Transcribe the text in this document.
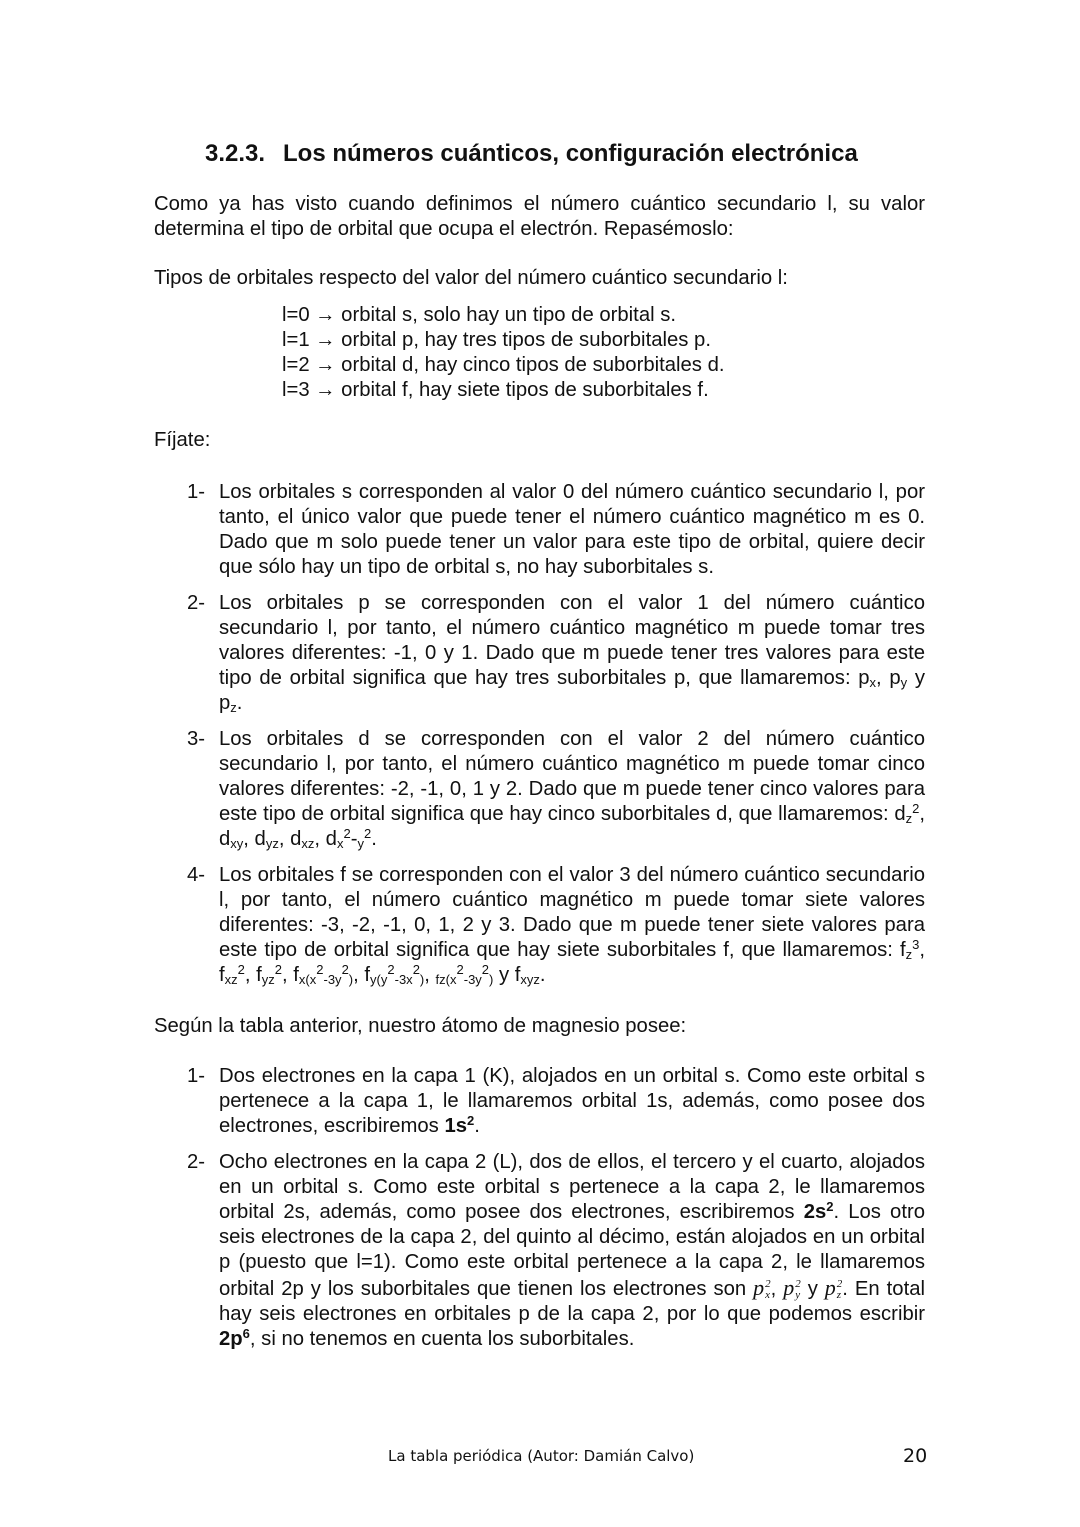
3.2.3. Los números cuánticos, configuración electrónica
Como ya has visto cuando definimos el número cuántico secundario l, su valor determina el tipo de orbital que ocupa el electrón. Repasémoslo:
Tipos de orbitales respecto del valor del número cuántico secundario l:
l=0 → orbital s, solo hay un tipo de orbital s.
l=1 → orbital p, hay tres tipos de suborbitales p.
l=2 → orbital d, hay cinco tipos de suborbitales d.
l=3 → orbital f, hay siete tipos de suborbitales f.
Fíjate:
1- Los orbitales s corresponden al valor 0 del número cuántico secundario l, por tanto, el único valor que puede tener el número cuántico magnético m es 0. Dado que m solo puede tener un valor para este tipo de orbital, quiere decir que sólo hay un tipo de orbital s, no hay suborbitales s.
2- Los orbitales p se corresponden con el valor 1 del número cuántico secundario l, por tanto, el número cuántico magnético m puede tomar tres valores diferentes: -1, 0 y 1. Dado que m puede tener tres valores para este tipo de orbital significa que hay tres suborbitales p, que llamaremos: $p_x$, $p_y$ y $p_z$.
3- Los orbitales d se corresponden con el valor 2 del número cuántico secundario l, por tanto, el número cuántico magnético m puede tomar cinco valores diferentes: -2, -1, 0, 1 y 2. Dado que m puede tener cinco valores para este tipo de orbital significa que hay cinco suborbitales d, que llamaremos: $d_z^2$, $d_{xy}$, $d_{yz}$, $d_{xz}$, $d_x^2-_y^2$.
4- Los orbitales f se corresponden con el valor 3 del número cuántico secundario l, por tanto, el número cuántico magnético m puede tomar siete valores diferentes: -3, -2, -1, 0, 1, 2 y 3. Dado que m puede tener siete valores para este tipo de orbital significa que hay siete suborbitales f, que llamaremos: $f_z^3$, $f_{xz}^2$, $f_{yz}^2$, $f_{x(x}^2_{-3y}^2_)$, $f_{y(y}^2_{-3x}^2_)$, $_{fz(x}^2_{-3y}^2_)$ y $f_{xyz}$.
Según la tabla anterior, nuestro átomo de magnesio posee:
1- Dos electrones en la capa 1 (K), alojados en un orbital s. Como este orbital s pertenece a la capa 1, le llamaremos orbital 1s, además, como posee dos electrones, escribiremos $1s^2$.
2- Ocho electrones en la capa 2 (L), dos de ellos, el tercero y el cuarto, alojados en un orbital s. Como este orbital s pertenece a la capa 2, le llamaremos orbital 2s, además, como posee dos electrones, escribiremos $2s^2$. Los otro seis electrones de la capa 2, del quinto al décimo, están alojados en un orbital p (puesto que l=1). Como este orbital pertenece a la capa 2, le llamaremos orbital 2p y los suborbitales que tienen los electrones son p 2
x , p 2
y y p 2
z . En total hay seis electrones en orbitales p de la capa 2, por lo que podemos escribir $2p^6$, si no tenemos en cuenta los suborbitales.
La tabla periódica (Autor: Damián Calvo)	20
